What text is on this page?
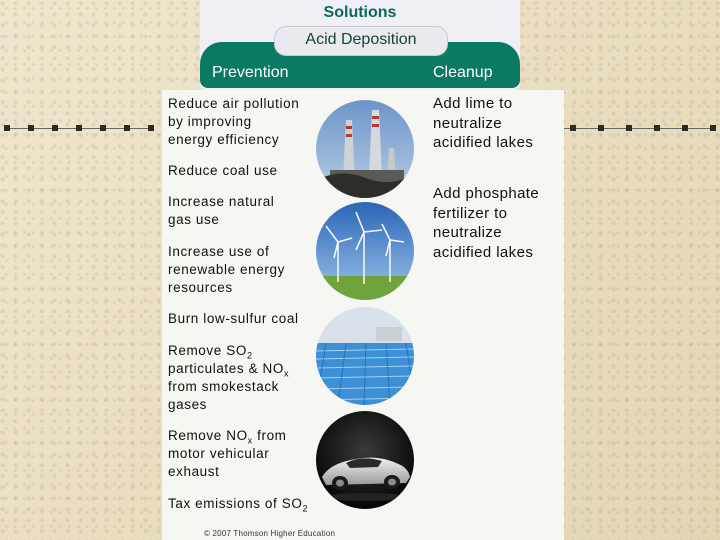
Solutions
Acid Deposition
Prevention	Cleanup
Reduce air pollution
by improving
energy efficiency
Reduce coal use
Increase natural
gas use
Increase use of
renewable energy
resources
Burn low-sulfur coal
Remove $SO_2$
particulates & $NO_x$
from smokestack
gases
Remove $NO_x$ from
motor vehicular
exhaust
Tax emissions of $SO_2$
Add lime to
neutralize
acidified lakes
Add phosphate
fertilizer to
neutralize
acidified lakes
© 2007 Thomson Higher Education
